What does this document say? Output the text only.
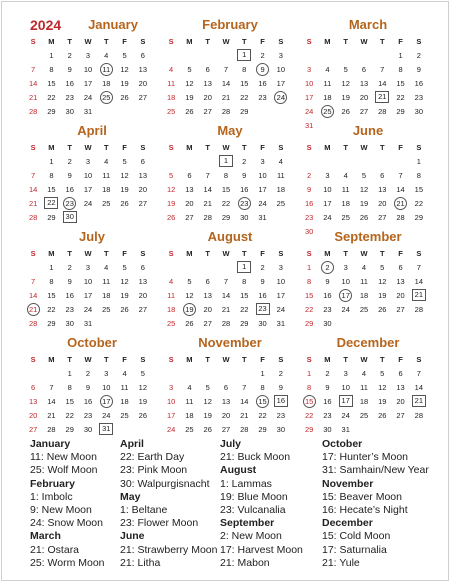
2024 January
S	M	T	W	T	F	S
	1	2	3	4	5	6
7	8	9	10	11	12	13
14	15	16	17	18	19	20
21	22	23	24	25	26	27
28	29	30	31			

February
S	M	T	W	T	F	S
				1	2	3
4	5	6	7	8	9	10
11	12	13	14	15	16	17
18	19	20	21	22	23	24
25	26	27	28	29		

March
S	M	T	W	T	F	S
					1	2
3	4	5	6	7	8	9
10	11	12	13	14	15	16
17	18	19	20	21	22	23
24	25	26	27	28	29	30
31						
April
S	M	T	W	T	F	S
	1	2	3	4	5	6
7	8	9	10	11	12	13
14	15	16	17	18	19	20
21	22	23	24	25	26	27
28	29	30				

May
S	M	T	W	T	F	S
			1	2	3	4
5	6	7	8	9	10	11
12	13	14	15	16	17	18
19	20	21	22	23	24	25
26	27	28	29	30	31	

June
S	M	T	W	T	F	S
						1
2	3	4	5	6	7	8
9	10	11	12	13	14	15
16	17	18	19	20	21	22
23	24	25	26	27	28	29
30						
July
S	M	T	W	T	F	S
	1	2	3	4	5	6
7	8	9	10	11	12	13
14	15	16	17	18	19	20
21	22	23	24	25	26	27
28	29	30	31			

August
S	M	T	W	T	F	S
				1	2	3
4	5	6	7	8	9	10
11	12	13	14	15	16	17
18	19	20	21	22	23	24
25	26	27	28	29	30	31

September
S	M	T	W	T	F	S
1	2	3	4	5	6	7
8	9	10	11	12	13	14
15	16	17	18	19	20	21
22	23	24	25	26	27	28
29	30					

October
S	M	T	W	T	F	S
		1	2	3	4	5
6	7	8	9	10	11	12
13	14	15	16	17	18	19
20	21	22	23	24	25	26
27	28	29	30	31		

November
S	M	T	W	T	F	S
					1	2
3	4	5	6	7	8	9
10	11	12	13	14	15	16
17	18	19	20	21	22	23
24	25	26	27	28	29	30

December
S	M	T	W	T	F	S
1	2	3	4	5	6	7
8	9	10	11	12	13	14
15	16	17	18	19	20	21
22	23	24	25	26	27	28
29	30	31				

January
11: New Moon
25: Wolf Moon
February
1: Imbolc
9: New Moon
24: Snow Moon
March
21: Ostara
25: Worm Moon
April
22: Earth Day
23: Pink Moon
30: Walpurgisnacht
May
1: Beltane
23: Flower Moon
June
21: Strawberry Moon
21: Litha
July
21: Buck Moon
August
1: Lammas
19: Blue Moon
23: Vulcanalia
September
2: New Moon
17: Harvest Moon
21: Mabon
October
17: Hunter’s Moon
31: Samhain/New Year
November
15: Beaver Moon
16: Hecate’s Night
December
15: Cold Moon
17: Saturnalia
21: Yule
